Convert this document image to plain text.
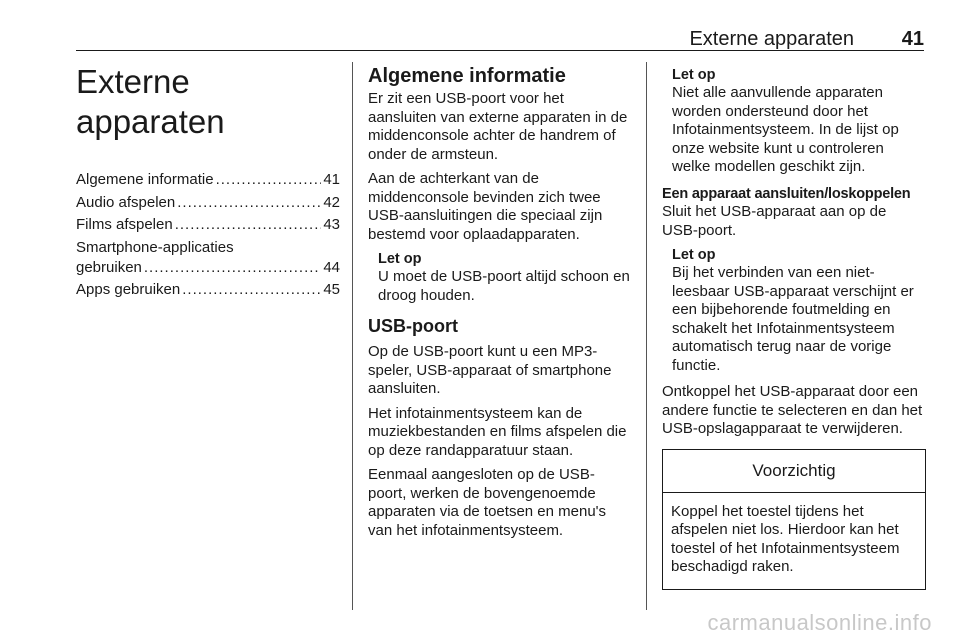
Externe apparaten 41
Externe apparaten
Algemene informatie .....	41
Audio afspelen .....	42
Films afspelen .....	43
Smartphone-applicaties
gebruiken .....	44
Apps gebruiken .....	45
Algemene informatie

Er zit een USB-poort voor het aansluiten van externe apparaten in de middenconsole achter de handrem of onder de armsteun.

Aan de achterkant van de middenconsole bevinden zich twee USB-aansluitingen die speciaal zijn bestemd voor oplaadapparaten.

Let op

U moet de USB-poort altijd schoon en droog houden.

USB-poort

Op de USB-poort kunt u een MP3-speler, USB-apparaat of smartphone aansluiten.

Het infotainmentsysteem kan de muziekbestanden en films afspelen die op deze randapparatuur staan.

Eenmaal aangesloten op de USB-poort, werken de bovengenoemde apparaten via de toetsen en menu's van het infotainmentsysteem.

Let op

Niet alle aanvullende apparaten worden ondersteund door het Infotainmentsysteem. In de lijst op onze website kunt u controleren welke modellen geschikt zijn.

Een apparaat aansluiten/loskoppelen

Sluit het USB-apparaat aan op de USB-poort.

Let op

Bij het verbinden van een niet-leesbaar USB-apparaat verschijnt er een bijbehorende foutmelding en schakelt het Infotainmentsysteem automatisch terug naar de vorige functie.

Ontkoppel het USB-apparaat door een andere functie te selecteren en dan het USB-opslagapparaat te verwijderen.

Voorzichtig

Koppel het toestel tijdens het afspelen niet los. Hierdoor kan het toestel of het Infotainmentsysteem beschadigd raken.

carmanualsonline.info
